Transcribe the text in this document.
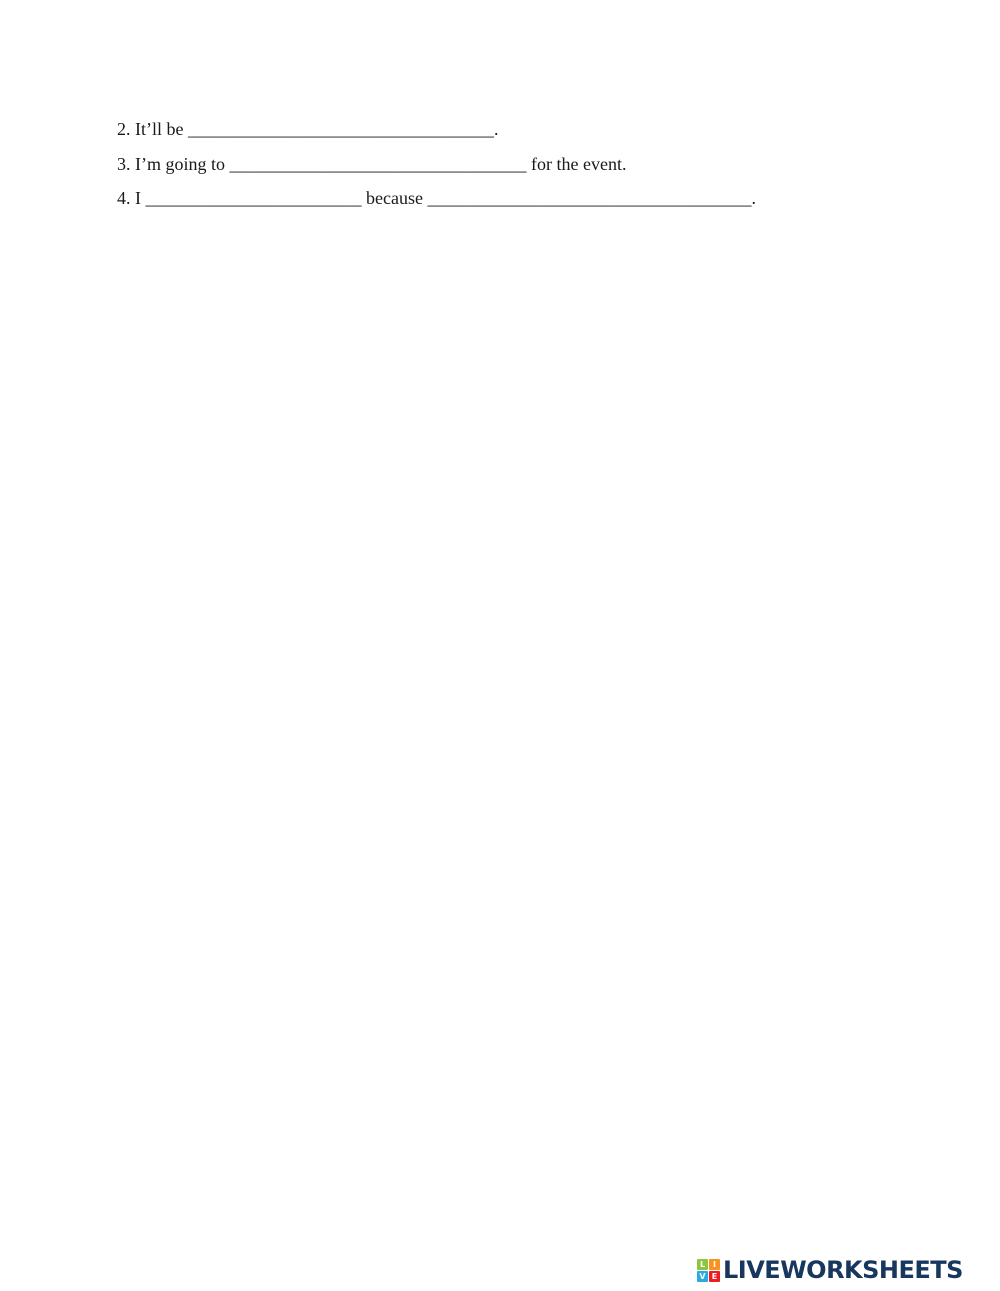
2. It’ll be __________________________________.
3. I’m going to _________________________________ for the event.
4. I ________________________ because ____________________________________.
L I
V E LIVEWORKSHEETS
